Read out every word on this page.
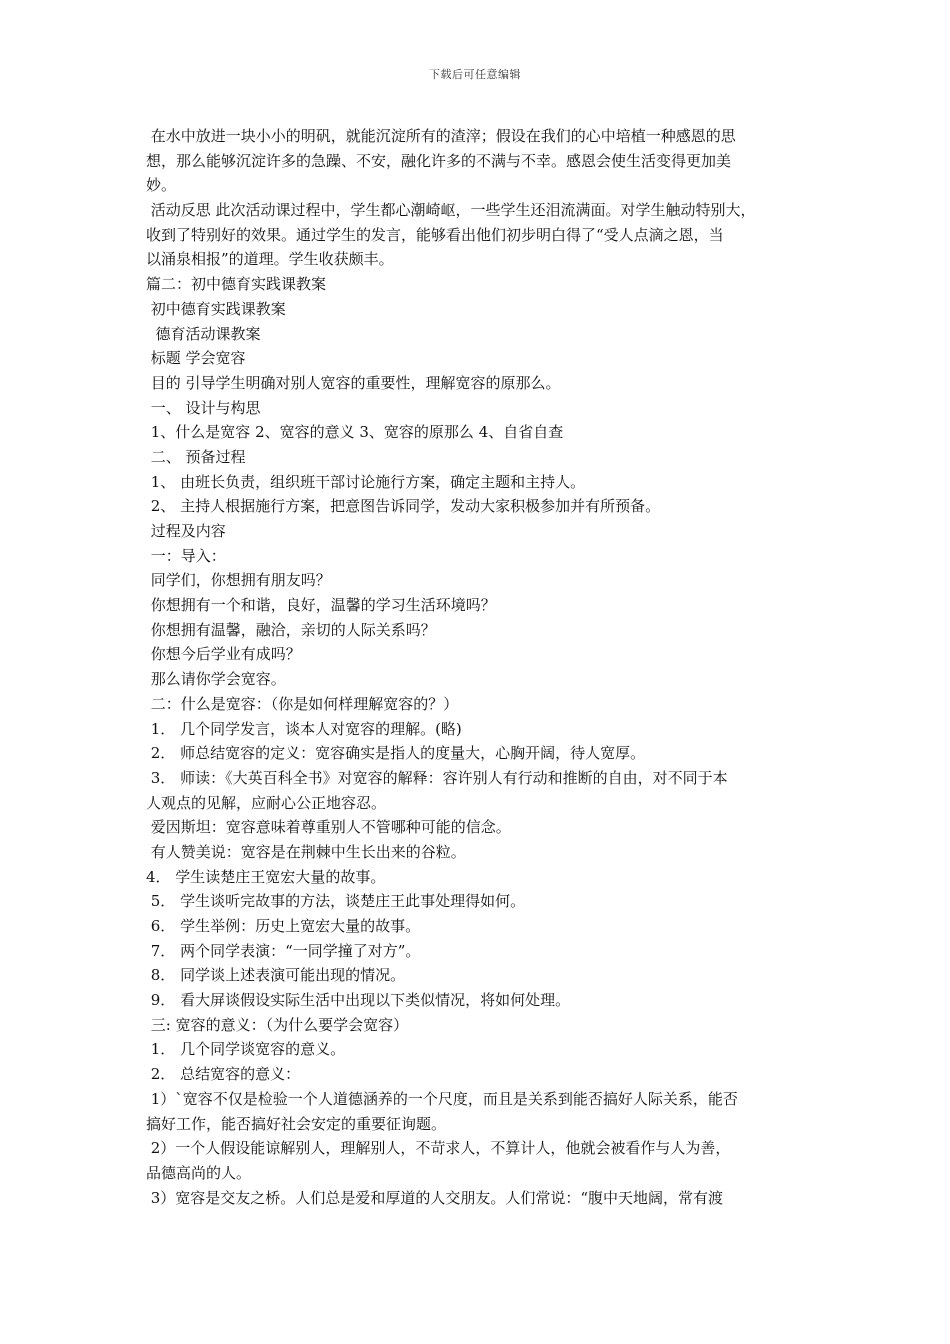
下载后可任意编辑
在水中放进一块小小的明矾，就能沉淀所有的渣滓；假设在我们的心中培植一种感恩的思
想，那么能够沉淀许多的急躁、不安，融化许多的不满与不幸。感恩会使生活变得更加美
妙。
活动反思 此次活动课过程中，学生都心潮崎岖，一些学生还泪流满面。对学生触动特别大，
收到了特别好的效果。通过学生的发言，能够看出他们初步明白得了“受人点滴之恩，当
以涌泉相报”的道理。学生收获颇丰。
篇二：初中德育实践课教案
初中德育实践课教案
德育活动课教案
标题 学会宽容
目的 引导学生明确对别人宽容的重要性，理解宽容的原那么。
一、 设计与构思
1、什么是宽容 2、宽容的意义 3、宽容的原那么 4、自省自查
二、 预备过程
1、 由班长负责，组织班干部讨论施行方案，确定主题和主持人。
2、 主持人根据施行方案，把意图告诉同学，发动大家积极参加并有所预备。
过程及内容
一：导入：
同学们，你想拥有朋友吗？
你想拥有一个和谐，良好，温馨的学习生活环境吗？
你想拥有温馨，融洽，亲切的人际关系吗？
你想今后学业有成吗？
那么请你学会宽容。
二：什么是宽容：（你是如何样理解宽容的？）
1． 几个同学发言，谈本人对宽容的理解。(略)
2． 师总结宽容的定义：宽容确实是指人的度量大，心胸开阔，待人宽厚。
3． 师读：《大英百科全书》对宽容的解释：容许别人有行动和推断的自由，对不同于本
人观点的见解，应耐心公正地容忍。
爱因斯坦：宽容意味着尊重别人不管哪种可能的信念。
有人赞美说：宽容是在荆棘中生长出来的谷粒。
4． 学生读楚庄王宽宏大量的故事。
5． 学生谈听完故事的方法，谈楚庄王此事处理得如何。
6． 学生举例：历史上宽宏大量的故事。
7． 两个同学表演：“一同学撞了对方”。
8． 同学谈上述表演可能出现的情况。
9． 看大屏谈假设实际生活中出现以下类似情况，将如何处理。
三: 宽容的意义：（为什么要学会宽容）
1． 几个同学谈宽容的意义。
2． 总结宽容的意义：
1）`宽容不仅是检验一个人道德涵养的一个尺度，而且是关系到能否搞好人际关系，能否
搞好工作，能否搞好社会安定的重要征询题。
2）一个人假设能谅解别人，理解别人，不苛求人，不算计人，他就会被看作与人为善，
品德高尚的人。
3）宽容是交友之桥。人们总是爱和厚道的人交朋友。人们常说：“腹中天地阔，常有渡
